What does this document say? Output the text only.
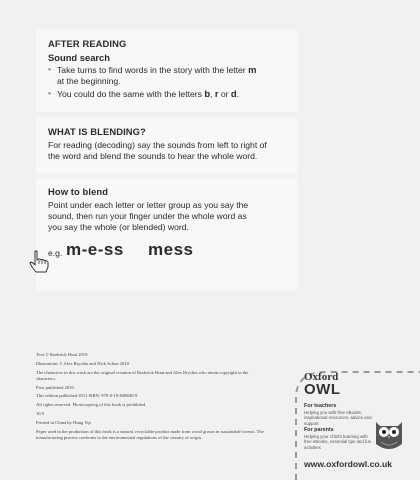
AFTER READING
Sound search
• Take turns to find words in the story with the letter m
at the beginning.
• You could do the same with the letters b, r or d.
WHAT IS BLENDING?

For reading (decoding) say the sounds from left to right of

the word and blend the sounds to hear the whole word.

How to blend

Point under each letter or letter group as you say the

sound, then run your finger under the whole word as

you say the whole (or blended) word.

e.g. m-e-ss mess

Text © Roderick Hunt 2010

Illustrations © Alex Brychta and Nick Schon 2010

The characters in this work are the original creation of Roderick Hunt and Alex Brychta who retain copyright in the characters.

First published 2010

This edition published 2011 ISBN: 978-0-19-848840-9

All rights reserved. Photocopying of this book is prohibited.

10 9

Printed in China by Hung Yip

Paper used in the production of this book is a natural, recyclable product made from wood grown in sustainable forests. The manufacturing process conforms to the environmental regulations of the country of origin.

Oxford
OWL
For teachers
Helping you with free eBooks, inspirational resources, advice and support
For parents
Helping your child's learning with free eBooks, essential tips and fun activities
www.oxfordowl.co.uk
